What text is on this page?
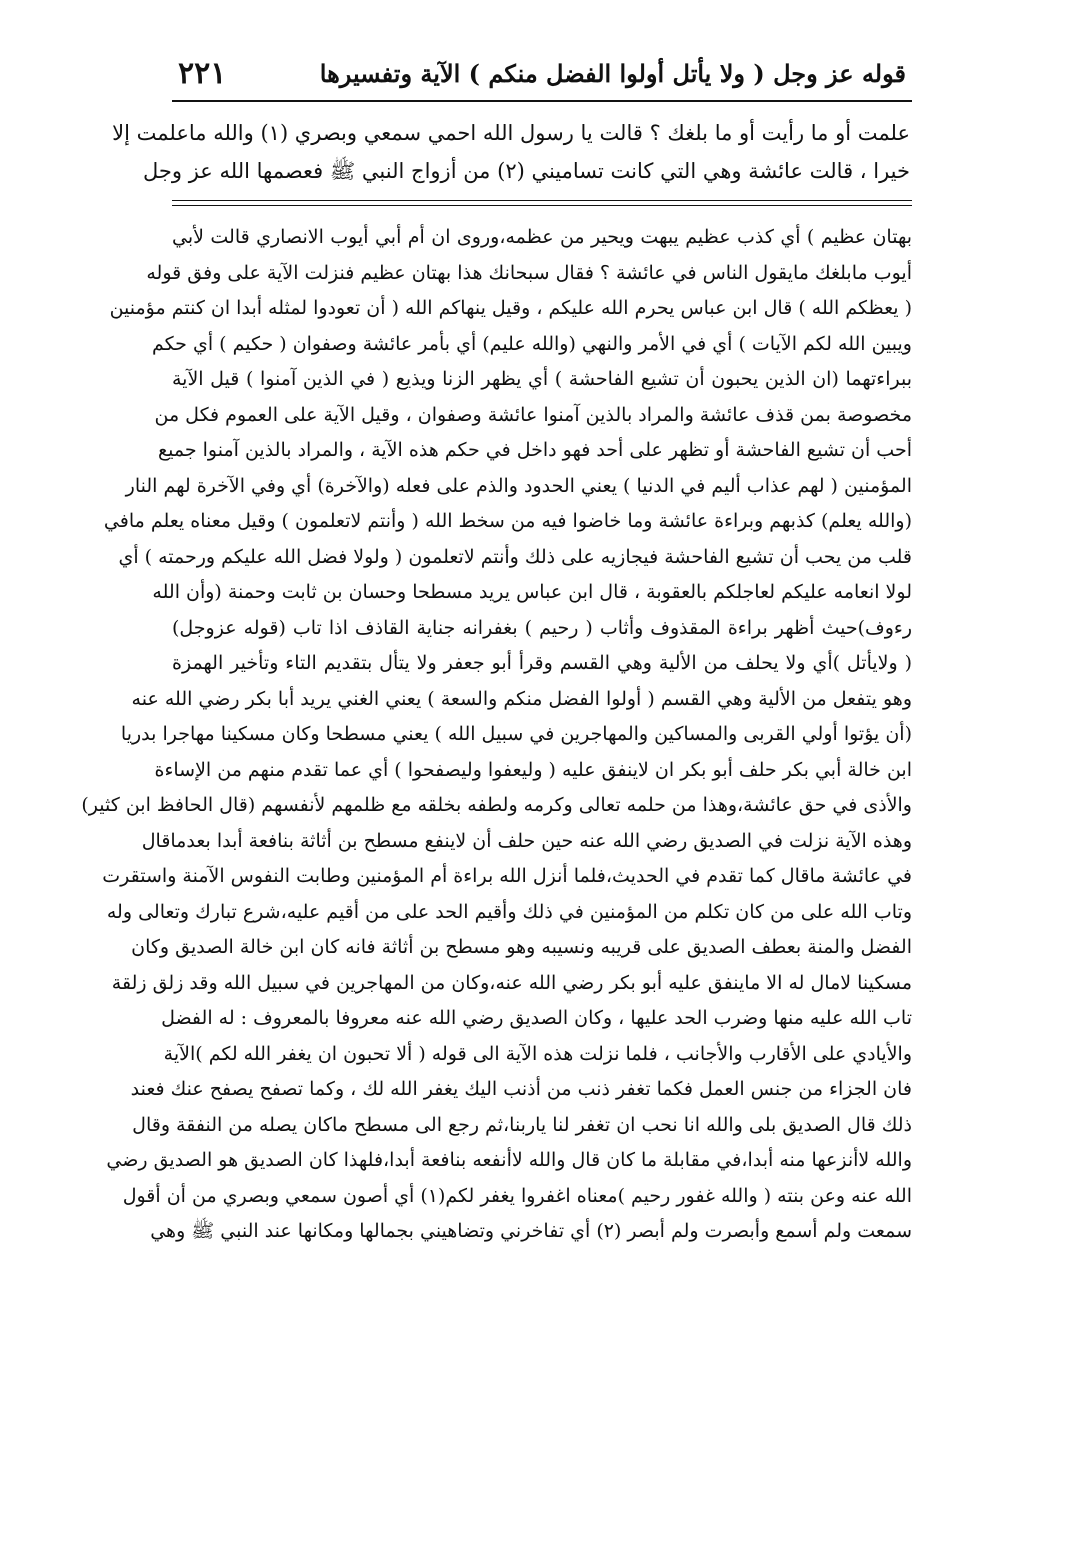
قوله عز وجل ( ولا يأتل أولوا الفضل منكم ) الآية وتفسيرها
٢٢١
علمت أو ما رأيت أو ما بلغك ؟ قالت يا رسول الله احمي سمعي وبصري (١) والله ماعلمت إلا
خيرا ، قالت عائشة وهي التي كانت تساميني (٢) من أزواج النبي ﷺ فعصمها الله عز وجل
بهتان عظيم ) أي كذب عظيم يبهت ويحير من عظمه،وروى ان أم أبي أيوب الانصاري قالت لأبي
أيوب مابلغك مايقول الناس في عائشة ؟ فقال سبحانك هذا بهتان عظيم فنزلت الآية على وفق قوله
( يعظكم الله ) قال ابن عباس يحرم الله عليكم ، وقيل ينهاكم الله ( أن تعودوا لمثله أبدا ان كنتم مؤمنين
ويبين الله لكم الآيات ) أي في الأمر والنهي (والله عليم) أي بأمر عائشة وصفوان ( حكيم ) أي حكم
ببراءتهما (ان الذين يحبون أن تشيع الفاحشة ) أي يظهر الزنا ويذيع ( في الذين آمنوا ) قيل الآية
مخصوصة بمن قذف عائشة والمراد بالذين آمنوا عائشة وصفوان ، وقيل الآية على العموم فكل من
أحب أن تشيع الفاحشة أو تظهر على أحد فهو داخل في حكم هذه الآية ، والمراد بالذين آمنوا جميع
المؤمنين ( لهم عذاب أليم في الدنيا ) يعني الحدود والذم على فعله (والآخرة) أي وفي الآخرة لهم النار
(والله يعلم) كذبهم وبراءة عائشة وما خاضوا فيه من سخط الله ( وأنتم لاتعلمون ) وقيل معناه يعلم مافي
قلب من يحب أن تشيع الفاحشة فيجازيه على ذلك وأنتم لاتعلمون ( ولولا فضل الله عليكم ورحمته ) أي
لولا انعامه عليكم لعاجلكم بالعقوبة ، قال ابن عباس يريد مسطحا وحسان بن ثابت وحمنة (وأن الله
رءوف)حيث أظهر براءة المقذوف وأثاب ( رحيم ) بغفرانه جناية القاذف اذا تاب (قوله عزوجل)
( ولايأتل )أي ولا يحلف من الألية وهي القسم وقرأ أبو جعفر ولا يتأل بتقديم التاء وتأخير الهمزة
وهو يتفعل من الألية وهي القسم ( أولوا الفضل منكم والسعة ) يعني الغني يريد أبا بكر رضي الله عنه
(أن يؤتوا أولي القربى والمساكين والمهاجرين في سبيل الله ) يعني مسطحا وكان مسكينا مهاجرا بدريا
ابن خالة أبي بكر حلف أبو بكر ان لاينفق عليه ( وليعفوا وليصفحوا ) أي عما تقدم منهم من الإساءة
والأذى في حق عائشة،وهذا من حلمه تعالى وكرمه ولطفه بخلقه مع ظلمهم لأنفسهم (قال الحافظ ابن كثير)
وهذه الآية نزلت في الصديق رضي الله عنه حين حلف أن لاينفع مسطح بن أثاثة بنافعة أبدا بعدماقال
في عائشة ماقال كما تقدم في الحديث،فلما أنزل الله براءة أم المؤمنين وطابت النفوس الآمنة واستقرت
وتاب الله على من كان تكلم من المؤمنين في ذلك وأقيم الحد على من أقيم عليه،شرع تبارك وتعالى وله
الفضل والمنة بعطف الصديق على قريبه ونسيبه وهو مسطح بن أثاثة فانه كان ابن خالة الصديق وكان
مسكينا لامال له الا ماينفق عليه أبو بكر رضي الله عنه،وكان من المهاجرين في سبيل الله وقد زلق زلقة
تاب الله عليه منها وضرب الحد عليها ، وكان الصديق رضي الله عنه معروفا بالمعروف : له الفضل
والأيادي على الأقارب والأجانب ، فلما نزلت هذه الآية الى قوله ( ألا تحبون ان يغفر الله لكم )الآية
فان الجزاء من جنس العمل فكما تغفر ذنب من أذنب اليك يغفر الله لك ، وكما تصفح يصفح عنك فعند
ذلك قال الصديق بلى والله انا نحب ان تغفر لنا ياربنا،ثم رجع الى مسطح ماكان يصله من النفقة وقال
والله لاأنزعها منه أبدا،في مقابلة ما كان قال والله لاأنفعه بنافعة أبدا،فلهذا كان الصديق هو الصديق رضي
الله عنه وعن بنته ( والله غفور رحيم )معناه اغفروا يغفر لكم(١) أي أصون سمعي وبصري من أن أقول
سمعت ولم أسمع وأبصرت ولم أبصر (٢) أي تفاخرني وتضاهيني بجمالها ومكانها عند النبي ﷺ وهي
